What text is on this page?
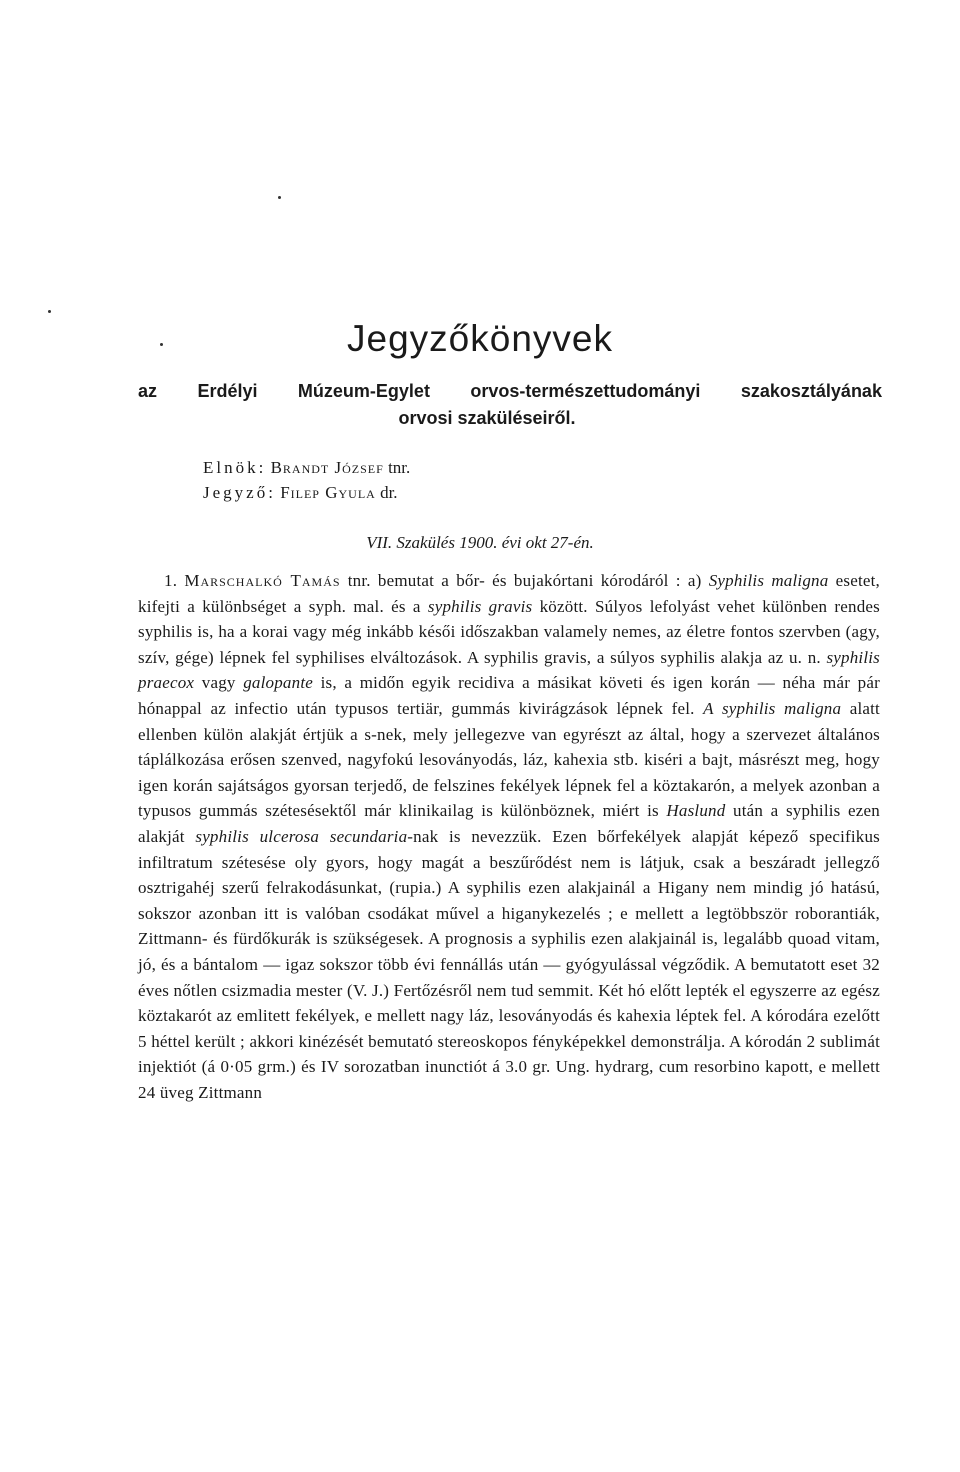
Jegyzőkönyvek
az Erdélyi Múzeum-Egylet orvos-természettudományi szakosztályának
orvosi szaküléseiről.

Elnök: Brandt József tnr.

Jegyző: Filep Gyula dr.

VII. Szakülés 1900. évi okt 27-én.

1. Marschalkó Tamás tnr. bemutat a bőr- és bujakórtani kórodáról : a) Syphilis maligna esetet, kifejti a különbséget a syph. mal. és a syphilis gravis között. Súlyos lefolyást vehet különben rendes syphilis is, ha a korai vagy még inkább késői időszakban valamely nemes, az életre fontos szervben (agy, szív, gége) lépnek fel syphilises elváltozások. A syphilis gravis, a súlyos syphilis alakja az u. n. syphilis praecox vagy galopante is, a midőn egyik recidiva a másikat követi és igen korán — néha már pár hónappal az infectio után typusos tertiär, gummás kivirágzások lépnek fel. A syphilis maligna alatt ellenben külön alakját értjük a s-nek, mely jellegezve van egyrészt az által, hogy a szervezet általános táplálkozása erősen szenved, nagyfokú lesoványodás, láz, kahexia stb. kiséri a bajt, másrészt meg, hogy igen korán sajátságos gyorsan terjedő, de felszines fekélyek lépnek fel a köztakarón, a melyek azonban a typusos gummás szétesésektől már klinikailag is különböznek, miért is Haslund után a syphilis ezen alakját syphilis ulcerosa secundaria-nak is nevezzük. Ezen bőrfekélyek alapját képező specifikus infiltratum szétesése oly gyors, hogy magát a beszűrődést nem is látjuk, csak a beszáradt jellegző osztrigahéj szerű felrakodásunkat, (rupia.) A syphilis ezen alakjainál a Higany nem mindig jó hatású, sokszor azonban itt is valóban csodákat művel a higanykezelés ; e mellett a legtöbbször roborantiák, Zittmann- és fürdőkurák is szükségesek. A prognosis a syphilis ezen alakjainál is, legalább quoad vitam, jó, és a bántalom — igaz sokszor több évi fennállás után — gyógyulással végződik. A bemutatott eset 32 éves nőtlen csizmadia mester (V. J.) Fertőzésről nem tud semmit. Két hó előtt lepték el egyszerre az egész köztakarót az emlitett fekélyek, e mellett nagy láz, lesoványodás és kahexia léptek fel. A kórodára ezelőtt 5 héttel került ; akkori kinézését bemutató stereoskopos fényképekkel demonstrálja. A kórodán 2 sublimát injektiót (á 0·05 grm.) és IV sorozatban inunctiót á 3.0 gr. Ung. hydrarg, cum resorbino kapott, e mellett 24 üveg Zittmann
